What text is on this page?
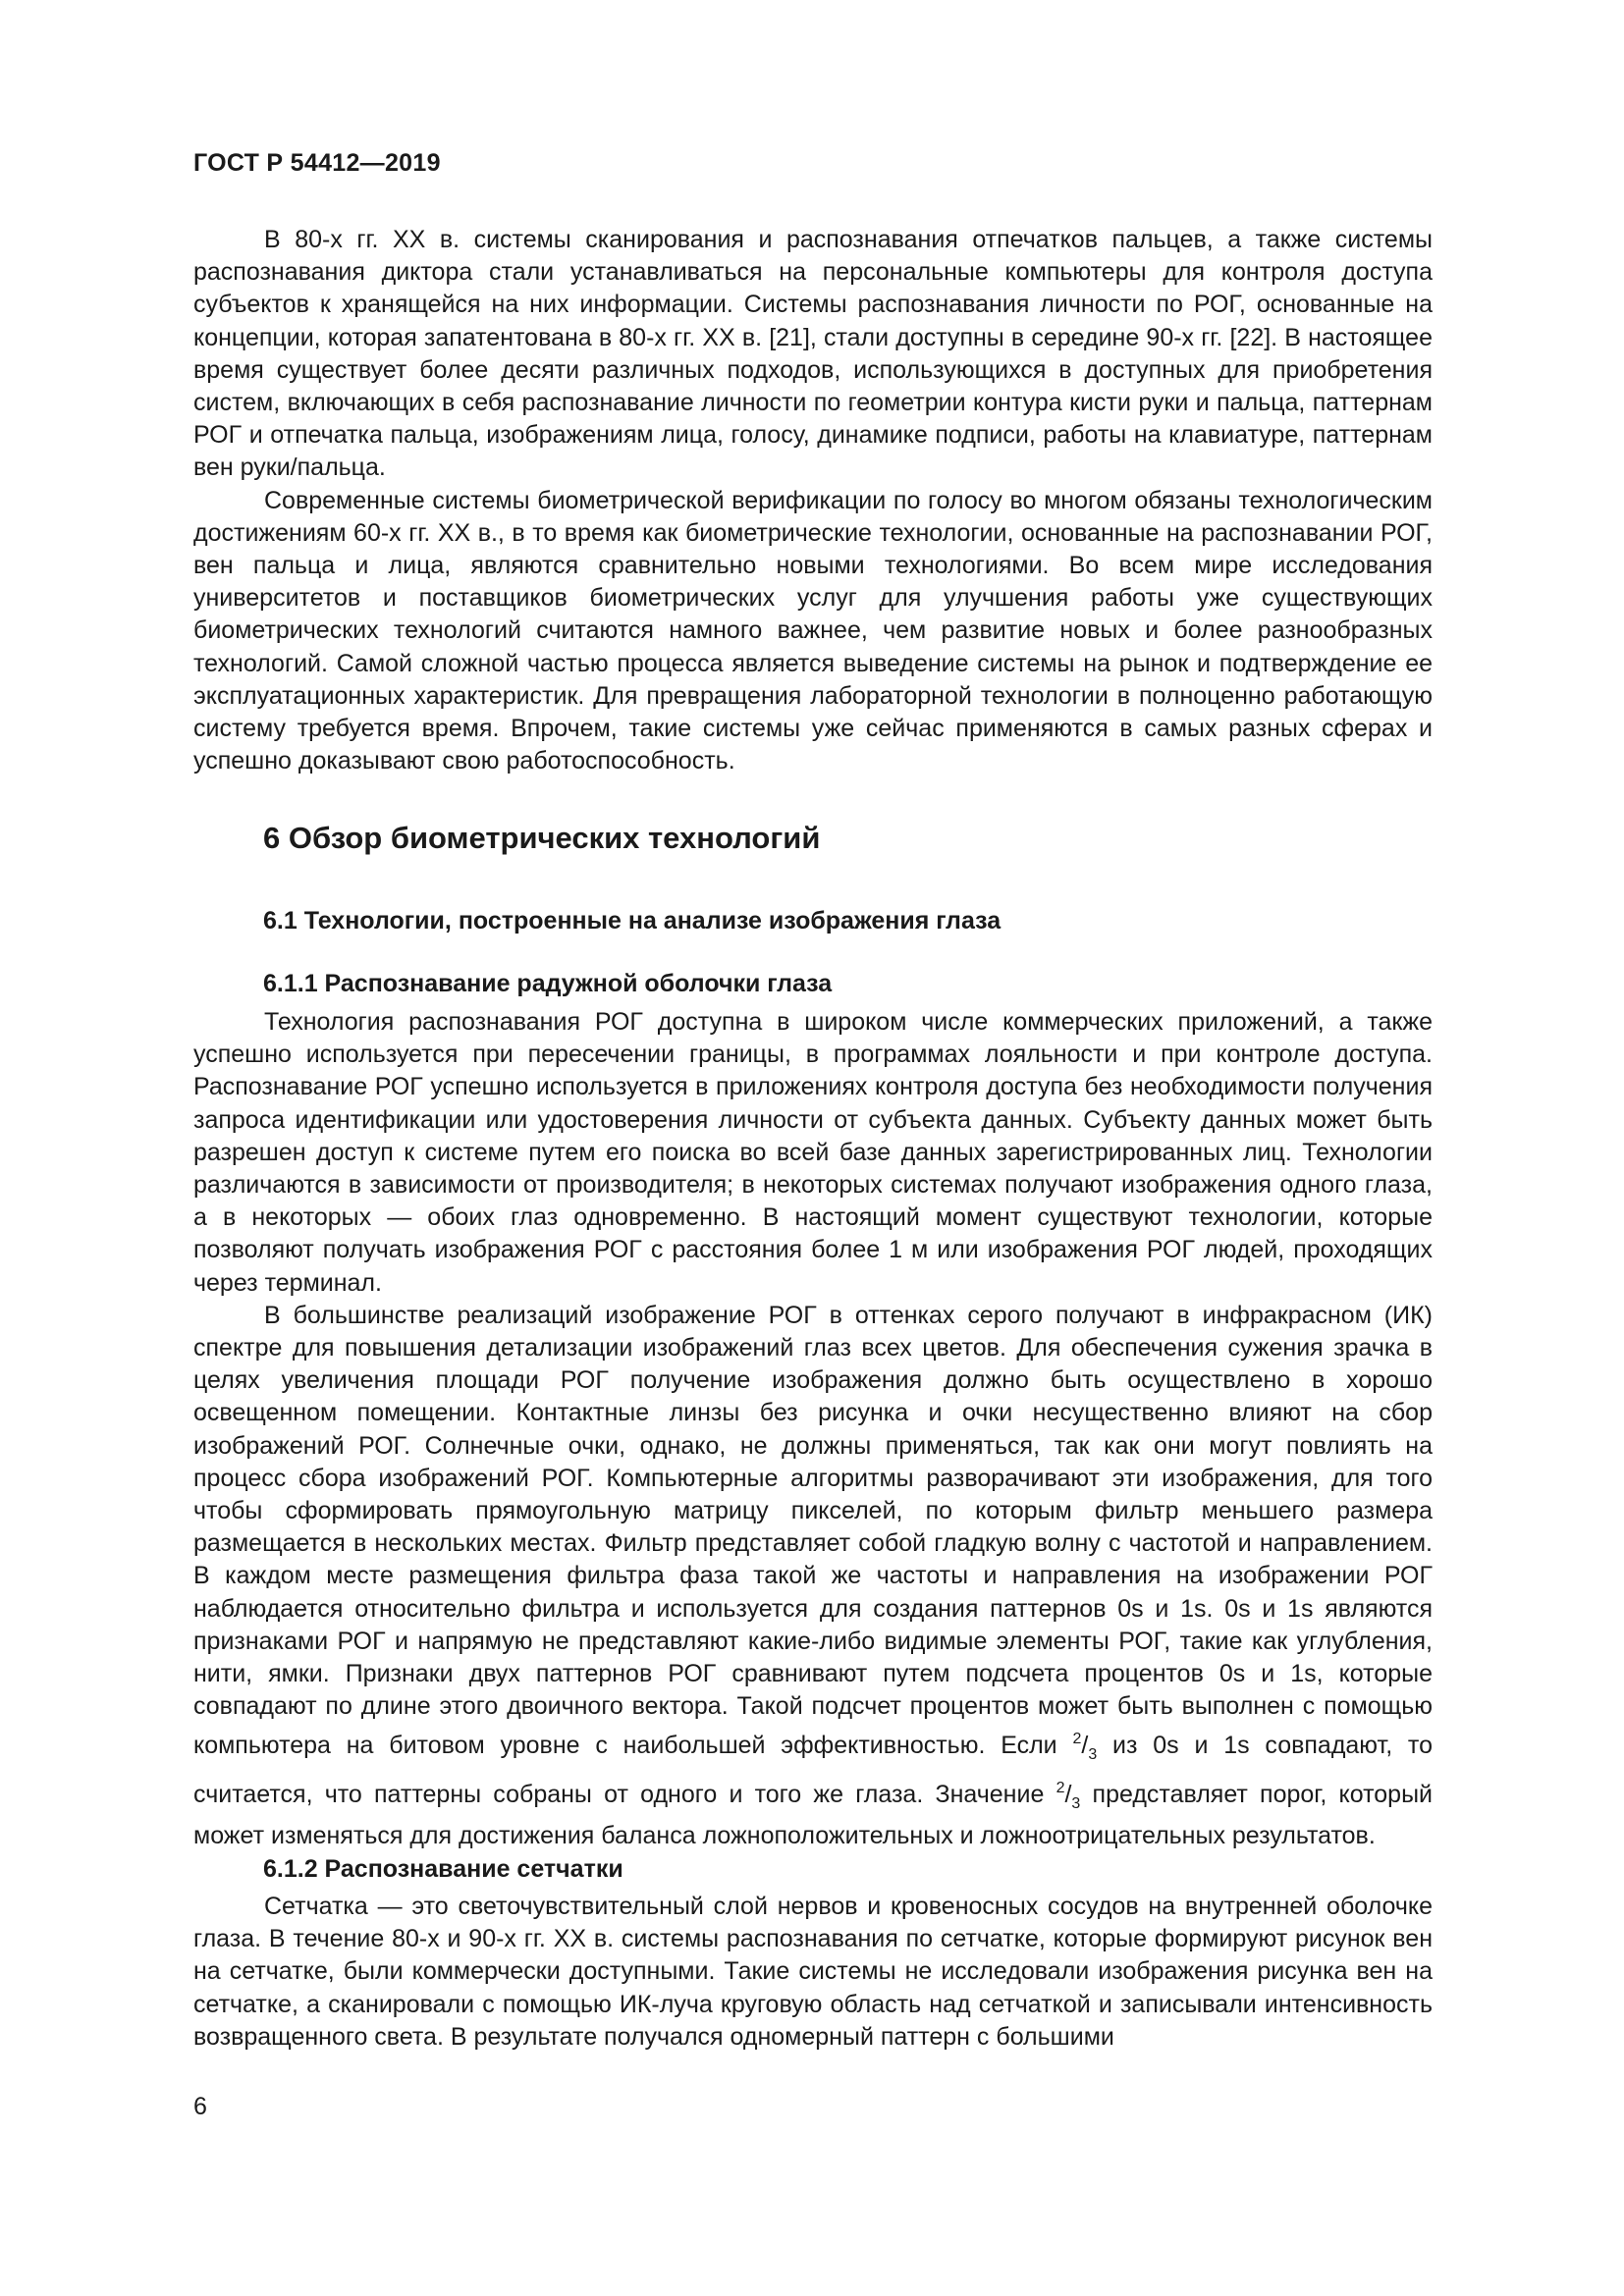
ГОСТ Р 54412—2019

В 80-х гг. XX в. системы сканирования и распознавания отпечатков пальцев, а также системы распознавания диктора стали устанавливаться на персональные компьютеры для контроля доступа субъектов к хранящейся на них информации. Системы распознавания личности по РОГ, основанные на концепции, которая запатентована в 80-х гг. XX в. [21], стали доступны в середине 90-х гг. [22]. В настоящее время существует более десяти различных подходов, использующихся в доступных для приобретения систем, включающих в себя распознавание личности по геометрии контура кисти руки и пальца, паттернам РОГ и отпечатка пальца, изображениям лица, голосу, динамике подписи, работы на клавиатуре, паттернам вен руки/пальца.

Современные системы биометрической верификации по голосу во многом обязаны технологическим достижениям 60-х гг. XX в., в то время как биометрические технологии, основанные на распознавании РОГ, вен пальца и лица, являются сравнительно новыми технологиями. Во всем мире исследования университетов и поставщиков биометрических услуг для улучшения работы уже существующих биометрических технологий считаются намного важнее, чем развитие новых и более разнообразных технологий. Самой сложной частью процесса является выведение системы на рынок и подтверждение ее эксплуатационных характеристик. Для превращения лабораторной технологии в полноценно работающую систему требуется время. Впрочем, такие системы уже сейчас применяются в самых разных сферах и успешно доказывают свою работоспособность.

6 Обзор биометрических технологий
6.1 Технологии, построенные на анализе изображения глаза
6.1.1 Распознавание радужной оболочки глаза

Технология распознавания РОГ доступна в широком числе коммерческих приложений, а также успешно используется при пересечении границы, в программах лояльности и при контроле доступа. Распознавание РОГ успешно используется в приложениях контроля доступа без необходимости получения запроса идентификации или удостоверения личности от субъекта данных. Субъекту данных может быть разрешен доступ к системе путем его поиска во всей базе данных зарегистрированных лиц. Технологии различаются в зависимости от производителя; в некоторых системах получают изображения одного глаза, а в некоторых — обоих глаз одновременно. В настоящий момент существуют технологии, которые позволяют получать изображения РОГ с расстояния более 1 м или изображения РОГ людей, проходящих через терминал.

В большинстве реализаций изображение РОГ в оттенках серого получают в инфракрасном (ИК) спектре для повышения детализации изображений глаз всех цветов. Для обеспечения сужения зрачка в целях увеличения площади РОГ получение изображения должно быть осуществлено в хорошо освещенном помещении. Контактные линзы без рисунка и очки несущественно влияют на сбор изображений РОГ. Солнечные очки, однако, не должны применяться, так как они могут повлиять на процесс сбора изображений РОГ. Компьютерные алгоритмы разворачивают эти изображения, для того чтобы сформировать прямоугольную матрицу пикселей, по которым фильтр меньшего размера размещается в нескольких местах. Фильтр представляет собой гладкую волну с частотой и направлением. В каждом месте размещения фильтра фаза такой же частоты и направления на изображении РОГ наблюдается относительно фильтра и используется для создания паттернов 0s и 1s. 0s и 1s являются признаками РОГ и напрямую не представляют какие-либо видимые элементы РОГ, такие как углубления, нити, ямки. Признаки двух паттернов РОГ сравнивают путем подсчета процентов 0s и 1s, которые совпадают по длине этого двоичного вектора. Такой подсчет процентов может быть выполнен с помощью компьютера на битовом уровне с наибольшей эффективностью. Если $^2/_3$ из 0s и 1s совпадают, то считается, что паттерны собраны от одного и того же глаза. Значение $^2/_3$ представляет порог, который может изменяться для достижения баланса ложноположительных и ложноотрицательных результатов.

6.1.2 Распознавание сетчатки

Сетчатка — это светочувствительный слой нервов и кровеносных сосудов на внутренней оболочке глаза. В течение 80-х и 90-х гг. XX в. системы распознавания по сетчатке, которые формируют рисунок вен на сетчатке, были коммерчески доступными. Такие системы не исследовали изображения рисунка вен на сетчатке, а сканировали с помощью ИК-луча круговую область над сетчаткой и записывали интенсивность возвращенного света. В результате получался одномерный паттерн с большими

6
